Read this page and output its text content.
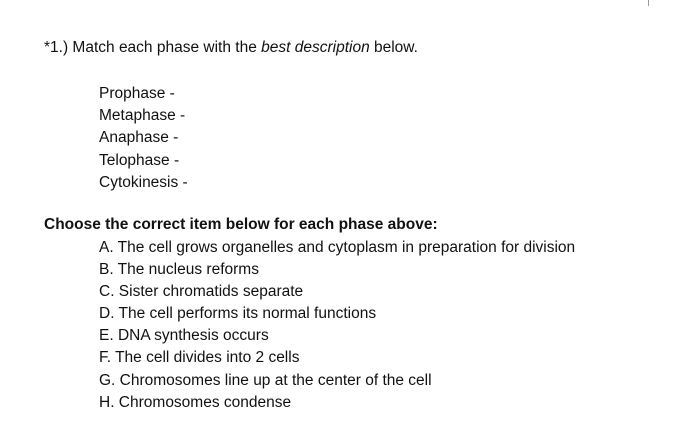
*1.) Match each phase with the best description below.
Prophase -
Metaphase -
Anaphase -
Telophase -
Cytokinesis -
Choose the correct item below for each phase above:
A. The cell grows organelles and cytoplasm in preparation for division
B. The nucleus reforms
C. Sister chromatids separate
D. The cell performs its normal functions
E. DNA synthesis occurs
F. The cell divides into 2 cells
G. Chromosomes line up at the center of the cell
H. Chromosomes condense
